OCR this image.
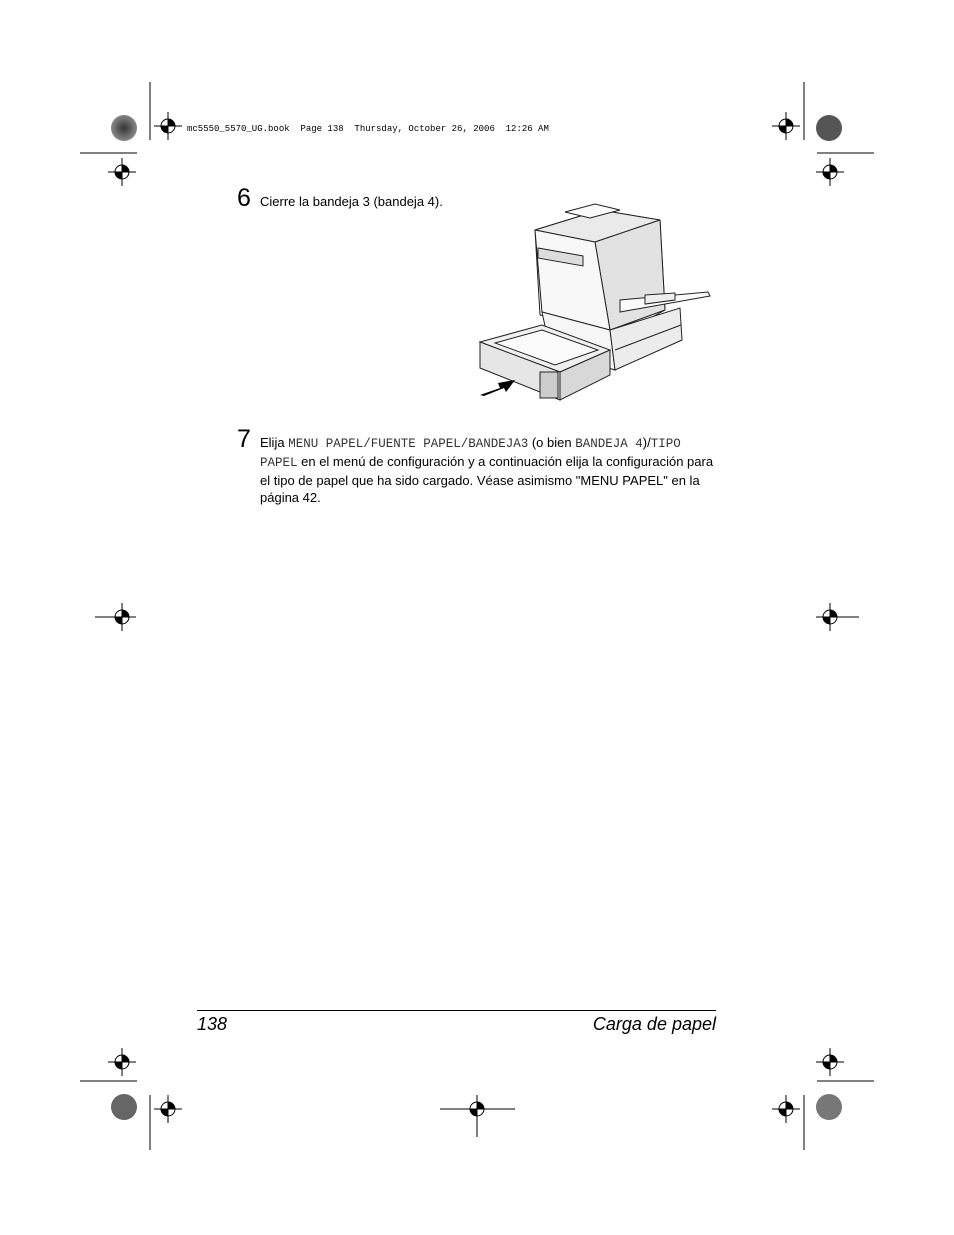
mc5550_5570_UG.book  Page 138  Thursday, October 26, 2006  12:26 AM
6 Cierre la bandeja 3 (bandeja 4).
7 Elija MENU PAPEL/FUENTE PAPEL/BANDEJA3 (o bien BANDEJA 4)/TIPO PAPEL en el menú de configuración y a continuación elija la configuración para el tipo de papel que ha sido cargado. Véase asimismo "MENU PAPEL" en la página 42.
138	Carga de papel
